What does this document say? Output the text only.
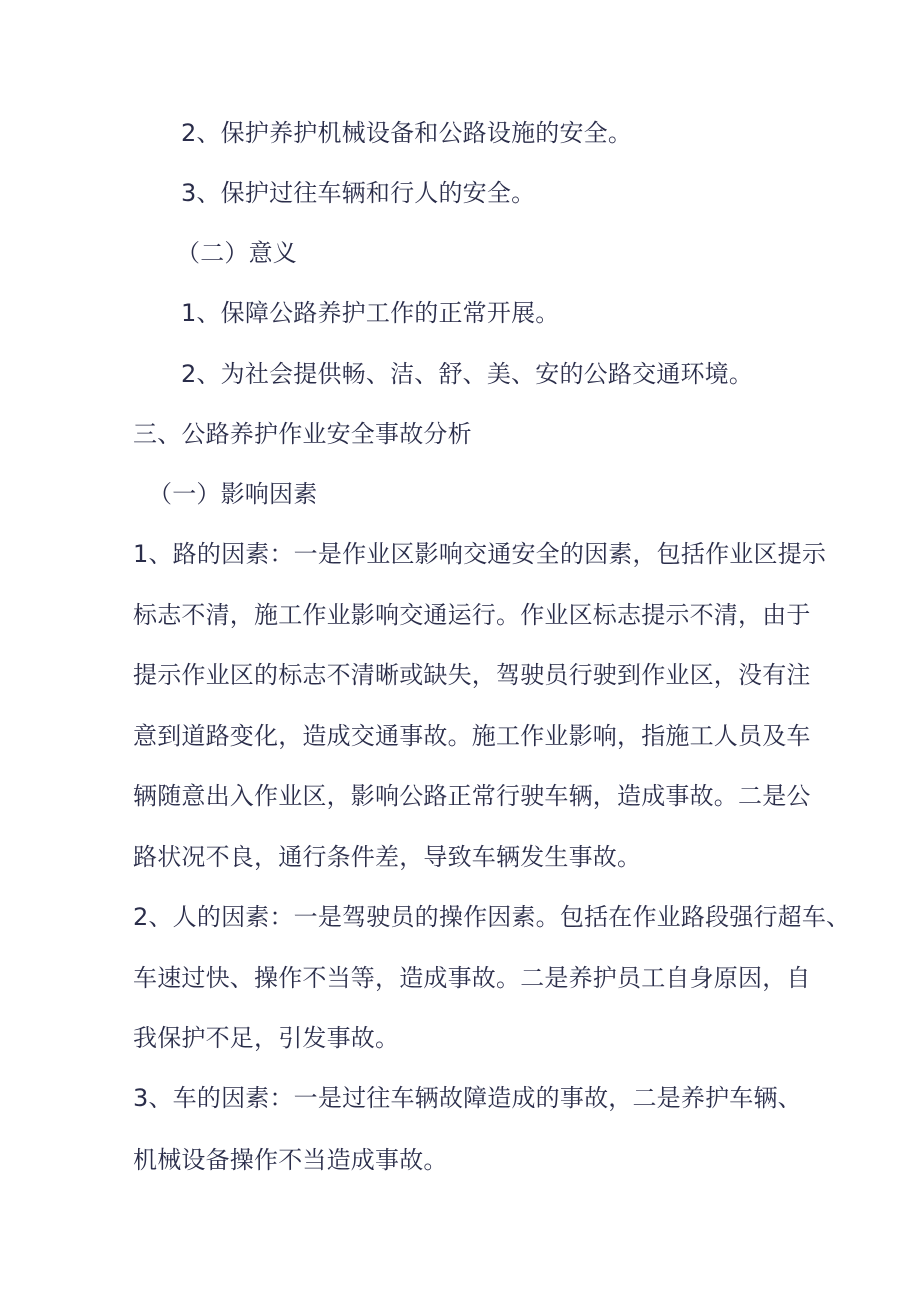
2、保护养护机械设备和公路设施的安全。
3、保护过往车辆和行人的安全。
（二）意义
1、保障公路养护工作的正常开展。
2、为社会提供畅、洁、舒、美、安的公路交通环境。
三、公路养护作业安全事故分析
（一）影响因素
1、路的因素：一是作业区影响交通安全的因素，包括作业区提示
标志不清，施工作业影响交通运行。作业区标志提示不清，由于
提示作业区的标志不清晰或缺失，驾驶员行驶到作业区，没有注
意到道路变化，造成交通事故。施工作业影响，指施工人员及车
辆随意出入作业区，影响公路正常行驶车辆，造成事故。二是公
路状况不良，通行条件差，导致车辆发生事故。
2、人的因素：一是驾驶员的操作因素。包括在作业路段强行超车、
车速过快、操作不当等，造成事故。二是养护员工自身原因，自
我保护不足，引发事故。
3、车的因素：一是过往车辆故障造成的事故，二是养护车辆、
机械设备操作不当造成事故。
